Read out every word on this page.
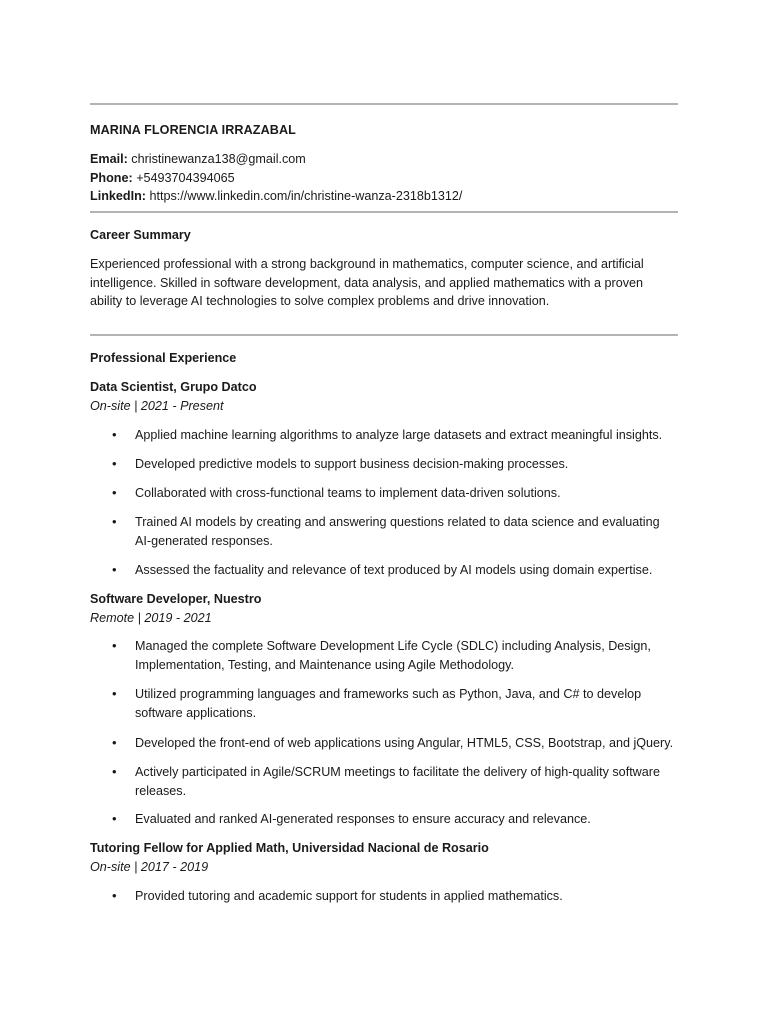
MARINA FLORENCIA IRRAZABAL
Email: christinewanza138@gmail.com
Phone: +5493704394065
LinkedIn: https://www.linkedin.com/in/christine-wanza-2318b1312/
Career Summary
Experienced professional with a strong background in mathematics, computer science, and artificial intelligence. Skilled in software development, data analysis, and applied mathematics with a proven ability to leverage AI technologies to solve complex problems and drive innovation.
Professional Experience
Data Scientist, Grupo Datco
On-site | 2021 - Present
• Applied machine learning algorithms to analyze large datasets and extract meaningful insights.
• Developed predictive models to support business decision-making processes.
• Collaborated with cross-functional teams to implement data-driven solutions.
• Trained AI models by creating and answering questions related to data science and evaluating AI-generated responses.
• Assessed the factuality and relevance of text produced by AI models using domain expertise.
Software Developer, Nuestro
Remote | 2019 - 2021
• Managed the complete Software Development Life Cycle (SDLC) including Analysis, Design, Implementation, Testing, and Maintenance using Agile Methodology.
• Utilized programming languages and frameworks such as Python, Java, and C# to develop software applications.
• Developed the front-end of web applications using Angular, HTML5, CSS, Bootstrap, and jQuery.
• Actively participated in Agile/SCRUM meetings to facilitate the delivery of high-quality software releases.
• Evaluated and ranked AI-generated responses to ensure accuracy and relevance.
Tutoring Fellow for Applied Math, Universidad Nacional de Rosario
On-site | 2017 - 2019
• Provided tutoring and academic support for students in applied mathematics.
